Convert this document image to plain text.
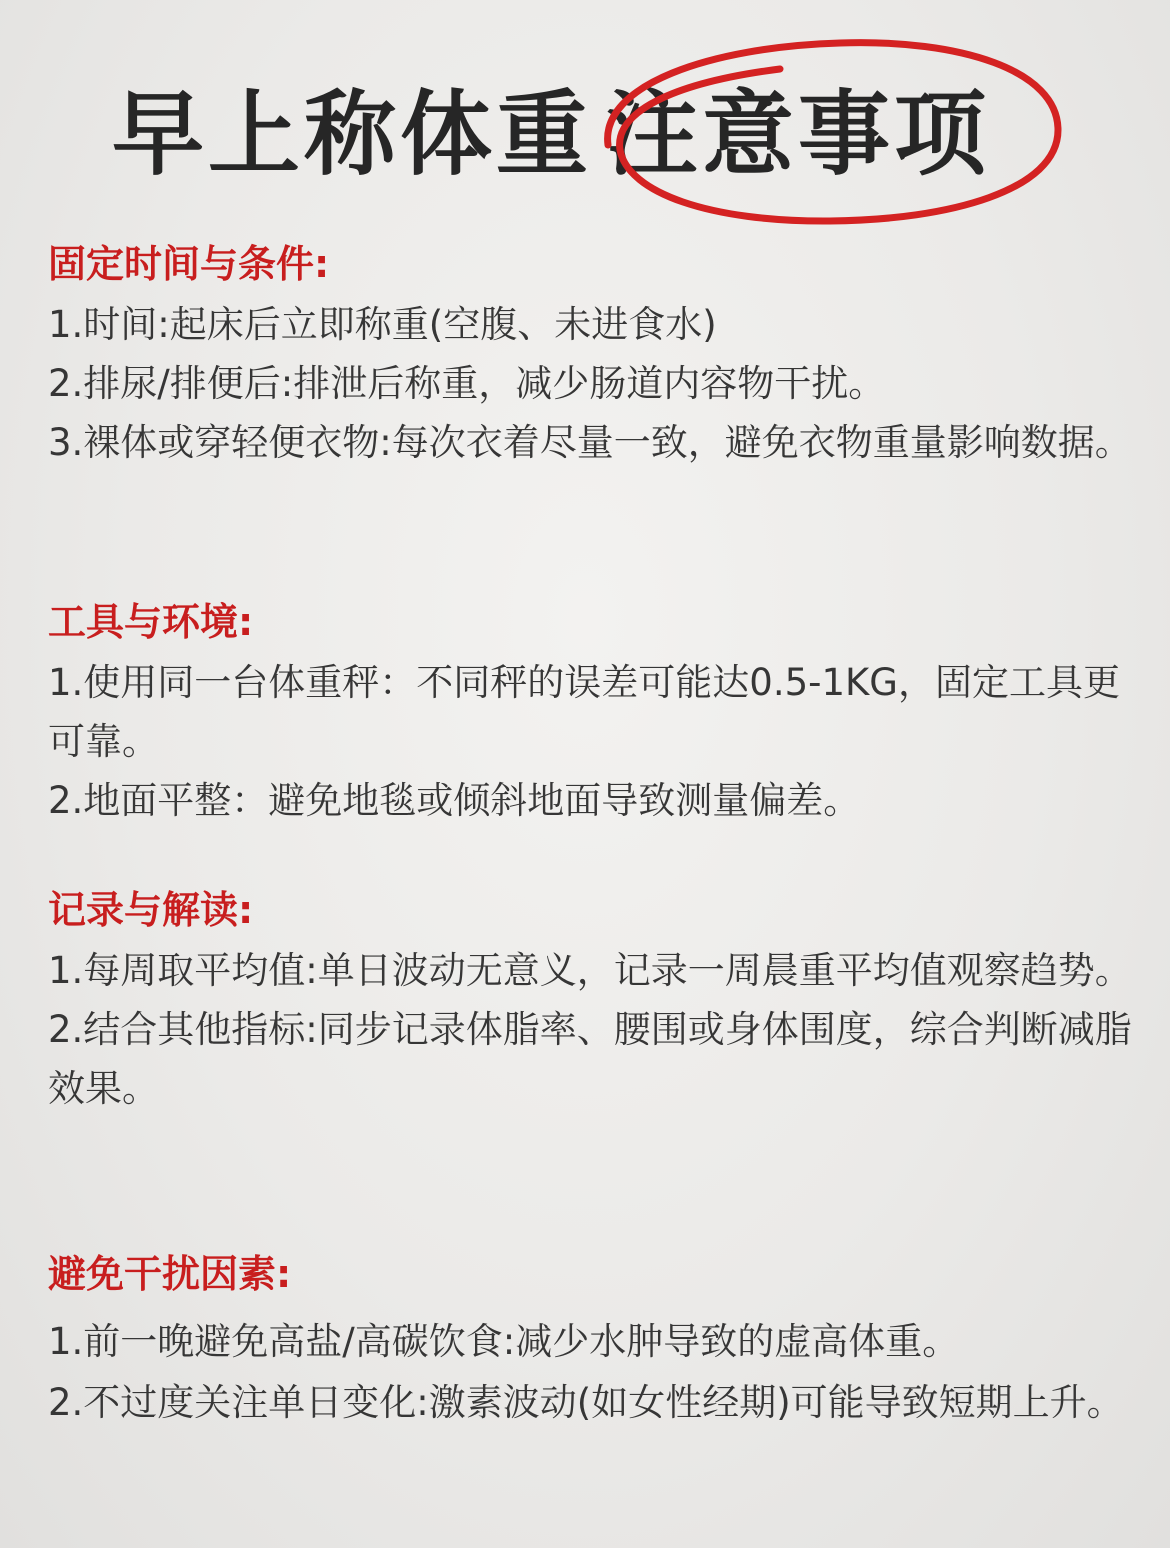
早上称体重 注意事项

固定时间与条件:

1.时间:起床后立即称重(空腹、未进食水)

2.排尿/排便后:排泄后称重，减少肠道内容物干扰。

3.裸体或穿轻便衣物:每次衣着尽量一致，避免衣物重量影响数据。

工具与环境:

1.使用同一台体重秤：不同秤的误差可能达0.5-1KG，固定工具更可靠。

2.地面平整：避免地毯或倾斜地面导致测量偏差。

记录与解读:

1.每周取平均值:单日波动无意义，记录一周晨重平均值观察趋势。

2.结合其他指标:同步记录体脂率、腰围或身体围度，综合判断减脂效果。

避免干扰因素:

1.前一晚避免高盐/高碳饮食:减少水肿导致的虚高体重。

2.不过度关注单日变化:激素波动(如女性经期)可能导致短期上升。
